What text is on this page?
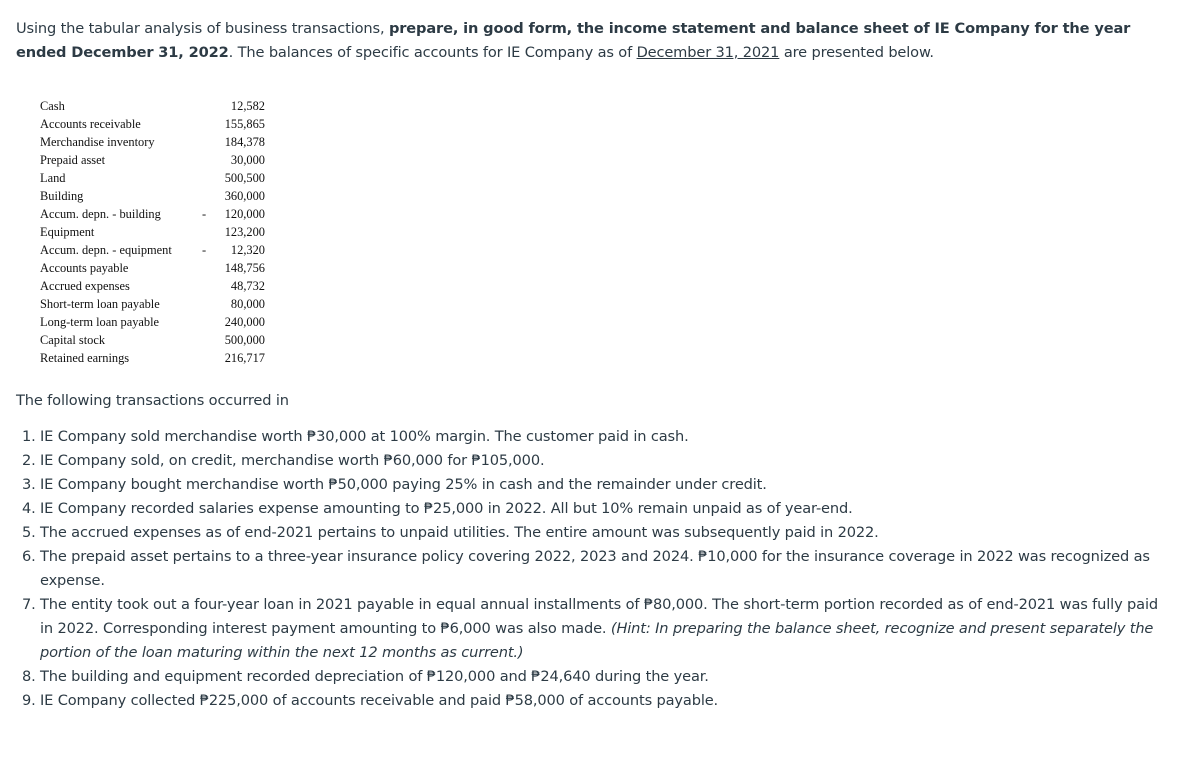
Using the tabular analysis of business transactions, prepare, in good form, the income statement and balance sheet of IE Company for the year ended December 31, 2022. The balances of specific accounts for IE Company as of December 31, 2021 are presented below.
Cash	12,582
Accounts receivable	155,865
Merchandise inventory	184,378
Prepaid asset	30,000
Land	500,500
Building	360,000
Accum. depn. - building	- 120,000
Equipment	123,200
Accum. depn. - equipment - 12,320
Accounts payable	148,756
Accrued expenses	48,732
Short-term loan payable	80,000
Long-term loan payable	240,000
Capital stock	500,000
Retained earnings	216,717
The following transactions occurred in
1. IE Company sold merchandise worth ₱30,000 at 100% margin. The customer paid in cash.
2. IE Company sold, on credit, merchandise worth ₱60,000 for ₱105,000.
3. IE Company bought merchandise worth ₱50,000 paying 25% in cash and the remainder under credit.
4. IE Company recorded salaries expense amounting to ₱25,000 in 2022. All but 10% remain unpaid as of year-end.
5. The accrued expenses as of end-2021 pertains to unpaid utilities. The entire amount was subsequently paid in 2022.
6. The prepaid asset pertains to a three-year insurance policy covering 2022, 2023 and 2024. ₱10,000 for the insurance coverage in 2022 was recognized as expense.
7. The entity took out a four-year loan in 2021 payable in equal annual installments of ₱80,000. The short-term portion recorded as of end-2021 was fully paid in 2022. Corresponding interest payment amounting to ₱6,000 was also made. (Hint: In preparing the balance sheet, recognize and present separately the portion of the loan maturing within the next 12 months as current.)
8. The building and equipment recorded depreciation of ₱120,000 and ₱24,640 during the year.
9. IE Company collected ₱225,000 of accounts receivable and paid ₱58,000 of accounts payable.
